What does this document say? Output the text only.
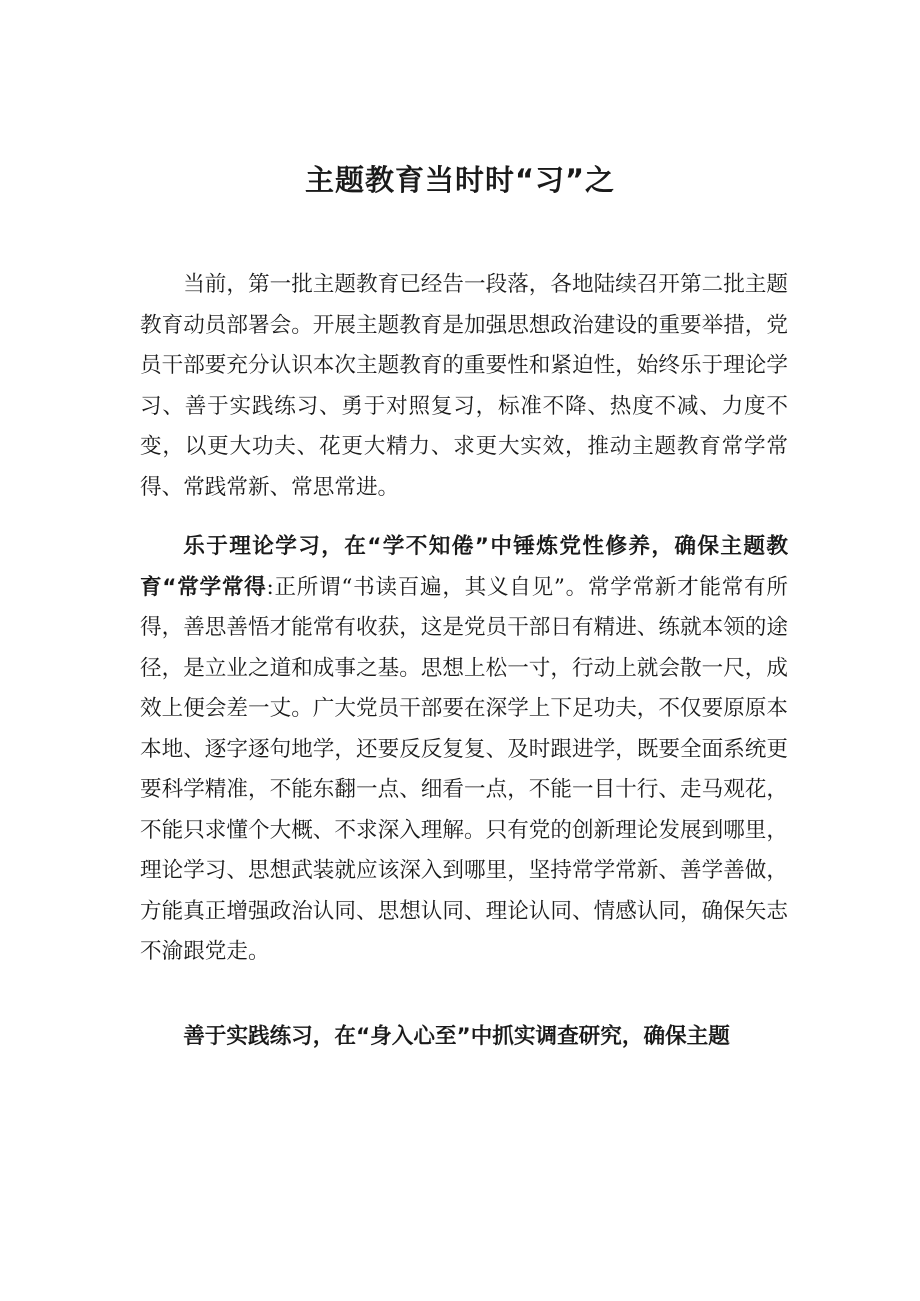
主题教育当时时“习”之

当前，第一批主题教育已经告一段落，各地陆续召开第二批主题教育动员部署会。开展主题教育是加强思想政治建设的重要举措，党员干部要充分认识本次主题教育的重要性和紧迫性，始终乐于理论学习、善于实践练习、勇于对照复习，标准不降、热度不减、力度不变，以更大功夫、花更大精力、求更大实效，推动主题教育常学常得、常践常新、常思常进。

乐于理论学习，在“学不知倦”中锤炼党性修养，确保主题教育“常学常得:正所谓“书读百遍，其义自见”。常学常新才能常有所得，善思善悟才能常有收获，这是党员干部日有精进、练就本领的途径，是立业之道和成事之基。思想上松一寸，行动上就会散一尺，成效上便会差一丈。广大党员干部要在深学上下足功夫，不仅要原原本本地、逐字逐句地学，还要反反复复、及时跟进学，既要全面系统更要科学精准，不能东翻一点、细看一点，不能一目十行、走马观花，不能只求懂个大概、不求深入理解。只有党的创新理论发展到哪里，理论学习、思想武装就应该深入到哪里，坚持常学常新、善学善做，方能真正增强政治认同、思想认同、理论认同、情感认同，确保矢志不渝跟党走。

善于实践练习，在“身入心至”中抓实调查研究，确保主题
